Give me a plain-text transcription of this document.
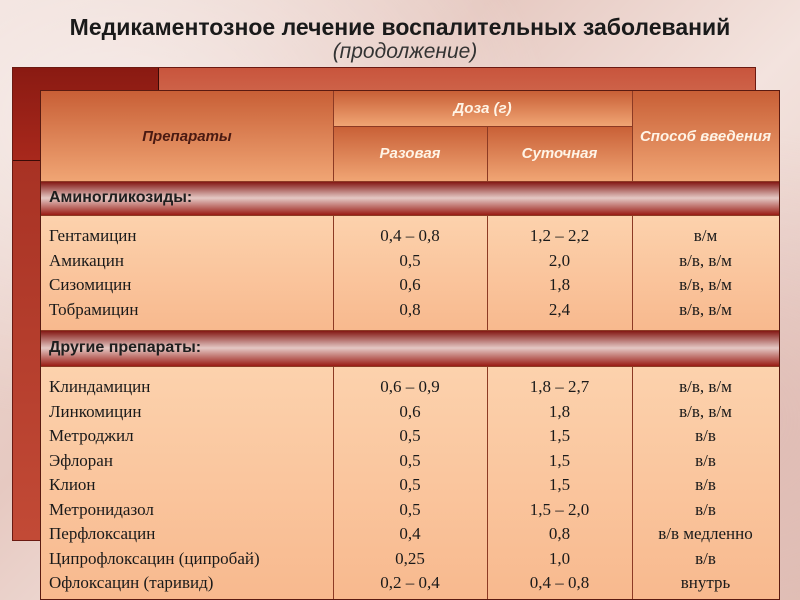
Медикаментозное лечение воспалительных заболеваний
(продолжение)
Препараты
Доза (г)
Разовая	Суточная
Способ введения
Аминогликозиды:
Гентамицин
Амикацин
Сизомицин
Тобрамицин
0,4 – 0,8
0,5
0,6
0,8
1,2 – 2,2
2,0
1,8
2,4
в/м
в/в, в/м
в/в, в/м
в/в, в/м
Другие препараты:
Клиндамицин
Линкомицин
Метроджил
Эфлоран
Клион
Метронидазол
Перфлоксацин
Ципрофлоксацин (ципробай)
Офлоксацин (таривид)
0,6 – 0,9
0,6
0,5
0,5
0,5
0,5
0,4
0,25
0,2 – 0,4
1,8 – 2,7
1,8
1,5
1,5
1,5
1,5 – 2,0
0,8
1,0
0,4 – 0,8
в/в, в/м
в/в, в/м
в/в
в/в
в/в
в/в
в/в медленно
в/в
внутрь
